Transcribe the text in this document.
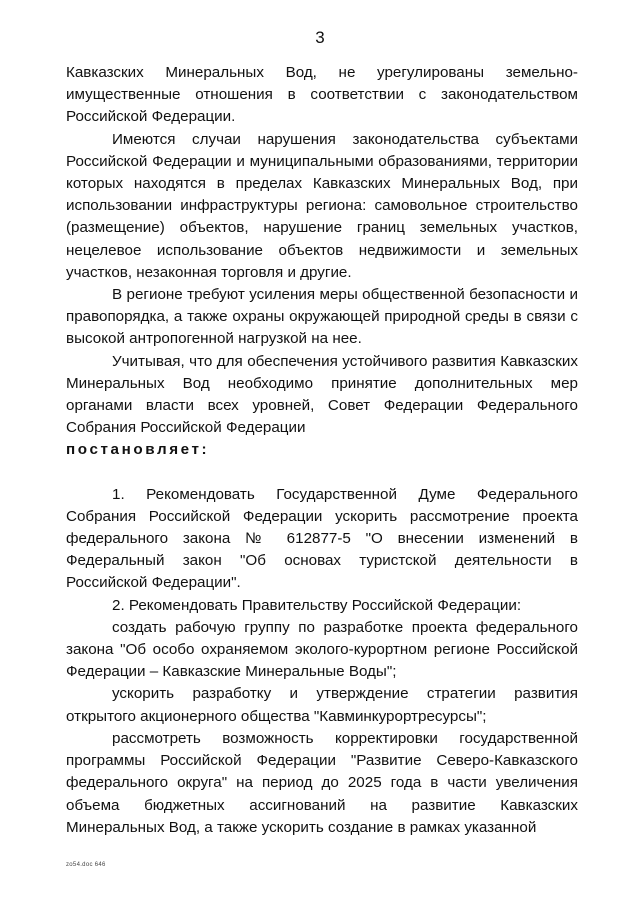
3

Кавказских Минеральных Вод, не урегулированы земельно-имущественные отношения в соответствии с законодательством Российской Федерации.

Имеются случаи нарушения законодательства субъектами Российской Федерации и муниципальными образованиями, территории которых находятся в пределах Кавказских Минеральных Вод, при использовании инфраструктуры региона: самовольное строительство (размещение) объектов, нарушение границ земельных участков, нецелевое использование объектов недвижимости и земельных участков, незаконная торговля и другие.

В регионе требуют усиления меры общественной безопасности и правопорядка, а также охраны окружающей природной среды в связи с высокой антропогенной нагрузкой на нее.

Учитывая, что для обеспечения устойчивого развития Кавказских Минеральных Вод необходимо принятие дополнительных мер органами власти всех уровней, Совет Федерации Федерального Собрания Российской Федерации

постановляет:

1. Рекомендовать Государственной Думе Федерального Собрания Российской Федерации ускорить рассмотрение проекта федерального закона № 612877-5 "О внесении изменений в Федеральный закон "Об основах туристской деятельности в Российской Федерации".

2. Рекомендовать Правительству Российской Федерации:

создать рабочую группу по разработке проекта федерального закона "Об особо охраняемом эколого-курортном регионе Российской Федерации – Кавказские Минеральные Воды";

ускорить разработку и утверждение стратегии развития открытого акционерного общества "Кавминкурортресурсы";

рассмотреть возможность корректировки государственной программы Российской Федерации "Развитие Северо-Кавказского федерального округа" на период до 2025 года в части увеличения объема бюджетных ассигнований на развитие Кавказских Минеральных Вод, а также ускорить создание в рамках указанной

zo54.doc 646
